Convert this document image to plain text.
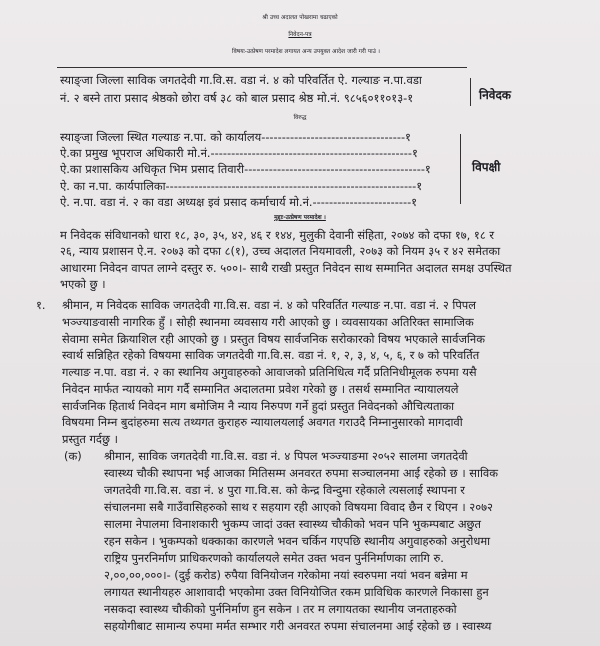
श्री उच्च अदालत पोखरामा चढाएको
निवेदन-पत्र
विषयः-उत्प्रेषण परमादेश लगायत अन्य उपयुक्त आदेश जारी गरी पाउं ।
स्याङ्जा जिल्ला साविक जगतदेवी गा.वि.स. वडा नं. ४ को परिवर्तित ऐ. गल्याङ न.पा.वडा
नं. २ बस्ने तारा प्रसाद श्रेष्ठको छोरा वर्ष ३८ को बाल प्रसाद श्रेष्ठ मो.नं. ९८५६०११०१३-१	निवेदक
विरुद्ध
स्याङ्जा जिल्ला स्थित गल्याङ न.पा. को कार्यालय-----------------------------------१
ऐ.का प्रमुख भूपराज अधिकारी मो.नं.-------------------------------------------------१
ऐ.का प्रशासकिय अधिकृत भिम प्रसाद तिवारी--------------------------------------------१
ऐ. का न.पा. कार्यपालिका-------------------------------------------------------------१
ऐ. न.पा. वडा नं. २ का वडा अध्यक्ष इवं प्रसाद कर्माचार्य मो.नं.------------------------१
विपक्षी
मुद्दाः-उत्प्रेषण परमादेश ।
म निवेदक संविधानको धारा १८, ३०, ३५, ४२, ४६ र १४४, मुलुकी देवानी संहिता, २०७४ को दफा १७, १८ र
२६, न्याय प्रशासन ऐ.न. २०७३ को दफा ८(१), उच्च अदालत नियमावली, २०७३ को नियम ३५ र ४२ समेतका
आधारमा निवेदन वापत लाग्ने दस्तुर रु. ५००।- साथै राखी प्रस्तुत निवेदन साथ सम्मानित अदालत समक्ष उपस्थित
भएको छु ।
१. श्रीमान, म निवेदक साविक जगतदेवी गा.वि.स. वडा नं. ४ को परिवर्तित गल्याङ न.पा. वडा नं. २ पिपल
भञ्ज्याङवासी नागरिक हुँ । सोही स्थानमा व्यवसाय गरी आएको छु । व्यवसायका अतिरिक्त सामाजिक
सेवामा समेत क्रियाशिल रही आएको छु । प्रस्तुत विषय सार्वजनिक सरोकारको विषय भएकाले सार्वजनिक
स्वार्थ सन्निहित रहेको विषयमा साविक जगतदेवी गा.वि.स. वडा नं. १, २, ३, ४, ५, ६, र ७ को परिवर्तित
गल्याङ न.पा. वडा नं. २ का स्थानिय अगुवाहरुको आवाजको प्रतिनिधित्व गर्दै प्रतिनिधीमूलक रुपमा यसै
निवेदन मार्फत न्यायको माग गर्दै सम्मानित अदालतमा प्रवेश गरेको छु । तसर्थ सम्मानित न्यायालयले
सार्वजनिक हितार्थ निवेदन माग बमोजिम नै न्याय निरुपण गर्ने हुदां प्रस्तुत निवेदनको औचित्यताका
विषयमा निम्न बुदांहरुमा सत्य तथ्यगत कुराहरु न्यायालयलाई अवगत गराउदै निम्नानुसारको मागदावी
प्रस्तुत गर्दछु ।
(क) श्रीमान, साविक जगतदेवी गा.वि.स. वडा नं. ४ पिपल भञ्ज्याङमा २०५२ सालमा जगतदेवी
स्वास्थ्य चौकी स्थापना भई आजका मितिसम्म अनवरत रुपमा सञ्चालनमा आई रहेको छ । साविक
जगतदेवी गा.वि.स. वडा नं. ४ पुरा गा.वि.स. को केन्द्र विन्दुमा रहेकाले त्यसलाई स्थापना र
संचालनमा सबै गाउँवासिहरुको साथ र सहयाग रही आएको विषयमा विवाद छैन र थिएन । २०७२
सालमा नेपालमा विनाशकारी भुकम्प जादां उक्त स्वास्थ्य चौकीको भवन पनि भुकम्पबाट अछुत
रहन सकेन । भुकम्पको धक्काका कारणले भवन चर्किन गएपछि स्थानीय अगुवाहरुको अनुरोधमा
राष्ट्रिय पुनरनिर्माण प्राधिकरणको कार्यालयले समेत उक्त भवन पुर्ननिर्माणका लागि रु.
२,००,००,०००।- (दुई करोड) रुपैया विनियोजन गरेकोमा नयां स्वरुपमा नयां भवन बन्नेमा म
लगायत स्थानीयहरु आशावादी भएकोमा उक्त विनियोजित रकम प्राविधिक कारणले निकासा हुन
नसकदा स्वास्थ्य चौकीको पुर्ननिर्माण हुन सकेन । तर म लगायतका स्थानीय जनताहरुको
सहयोगीबाट सामान्य रुपमा मर्मत सम्भार गरी अनवरत रुपमा संचालनमा आई रहेको छ । स्वास्थ्य
